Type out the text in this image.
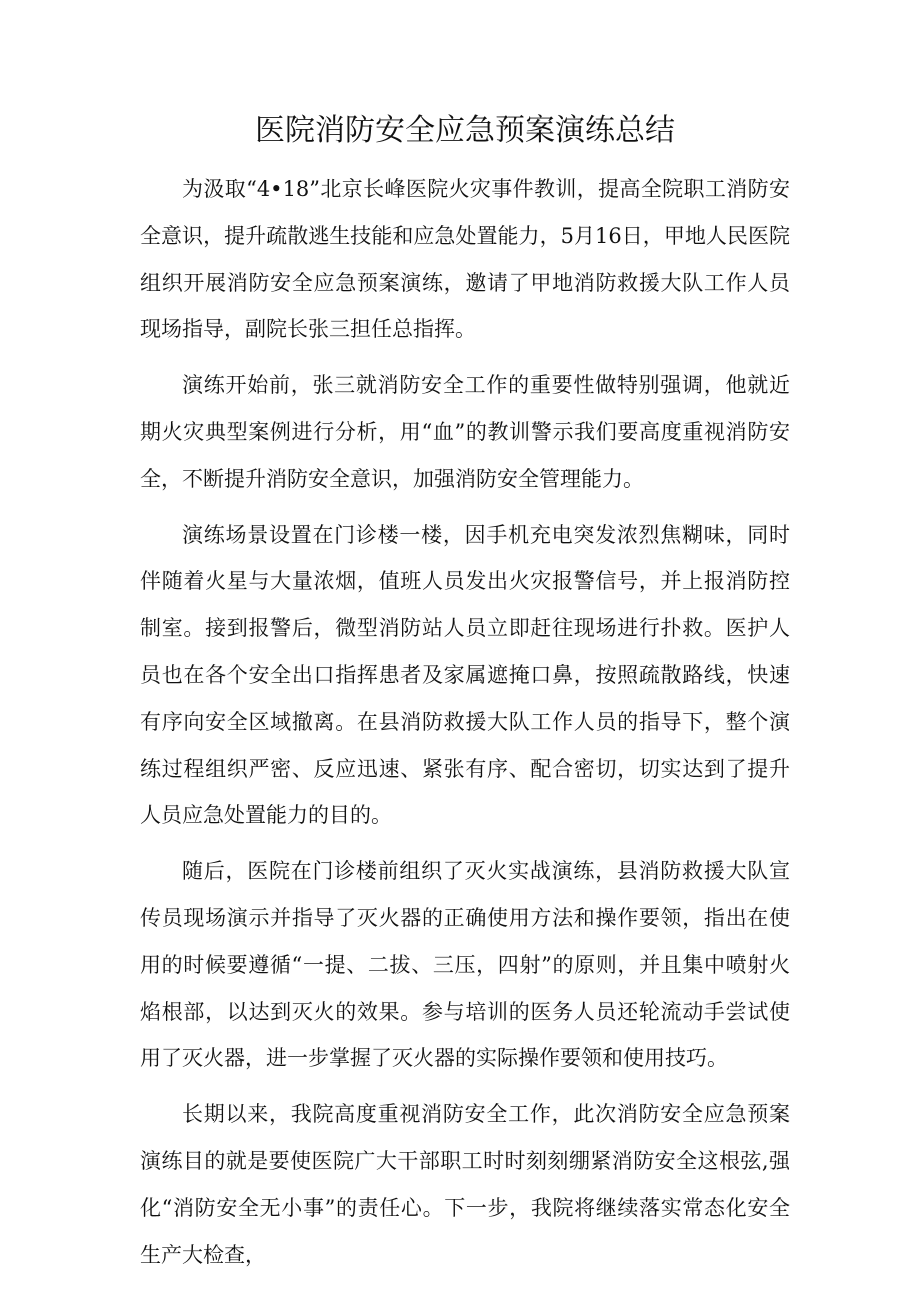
医院消防安全应急预案演练总结

为汲取“4•18”北京长峰医院火灾事件教训，提高全院职工消防安全意识，提升疏散逃生技能和应急处置能力，5月16日，甲地人民医院组织开展消防安全应急预案演练，邀请了甲地消防救援大队工作人员现场指导，副院长张三担任总指挥。

演练开始前，张三就消防安全工作的重要性做特别强调，他就近期火灾典型案例进行分析，用“血”的教训警示我们要高度重视消防安全，不断提升消防安全意识，加强消防安全管理能力。

演练场景设置在门诊楼一楼，因手机充电突发浓烈焦糊味，同时伴随着火星与大量浓烟，值班人员发出火灾报警信号，并上报消防控制室。接到报警后，微型消防站人员立即赶往现场进行扑救。医护人员也在各个安全出口指挥患者及家属遮掩口鼻，按照疏散路线，快速有序向安全区域撤离。在县消防救援大队工作人员的指导下，整个演练过程组织严密、反应迅速、紧张有序、配合密切，切实达到了提升人员应急处置能力的目的。

随后，医院在门诊楼前组织了灭火实战演练，县消防救援大队宣传员现场演示并指导了灭火器的正确使用方法和操作要领，指出在使用的时候要遵循“一提、二拔、三压，四射”的原则，并且集中喷射火焰根部，以达到灭火的效果。参与培训的医务人员还轮流动手尝试使用了灭火器，进一步掌握了灭火器的实际操作要领和使用技巧。

长期以来，我院高度重视消防安全工作，此次消防安全应急预案演练目的就是要使医院广大干部职工时时刻刻绷紧消防安全这根弦,强化“消防安全无小事”的责任心。下一步，我院将继续落实常态化安全生产大检查，
